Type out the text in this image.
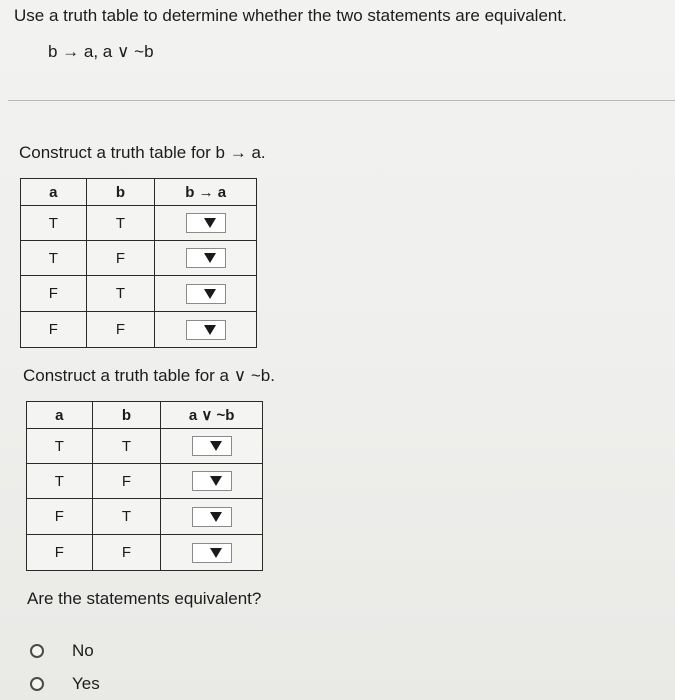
Use a truth table to determine whether the two statements are equivalent.
b → a, a ∨ ~b
Construct a truth table for b → a.
a	b	b → a
T	T	

T	F	

F	T	

F	F	
Construct a truth table for a ∨ ~b.
a	b	a ∨ ~b
T	T	

T	F	

F	T	

F	F	
Are the statements equivalent?
No
Yes
